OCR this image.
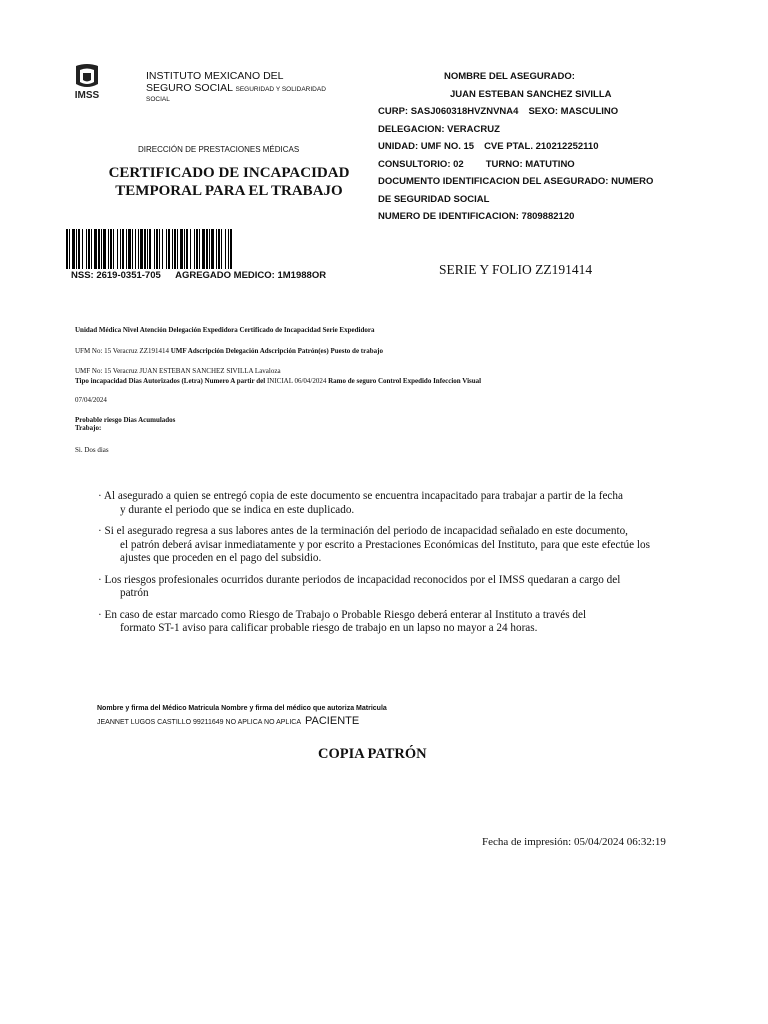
IMSS
INSTITUTO MEXICANO DEL
SEGURO SOCIAL SEGURIDAD Y SOLIDARIDAD
SOCIAL
DIRECCIÓN DE PRESTACIONES MÉDICAS
CERTIFICADO DE INCAPACIDAD
TEMPORAL PARA EL TRABAJO
NSS: 2619-0351-705 AGREGADO MEDICO: 1M1988OR
NOMBRE DEL ASEGURADO:
JUAN ESTEBAN SANCHEZ SIVILLA
CURP: SASJ060318HVZNVNA4 SEXO: MASCULINO
DELEGACION: VERACRUZ
UNIDAD: UMF NO. 15 CVE PTAL. 210212252110
CONSULTORIO: 02 TURNO: MATUTINO
DOCUMENTO IDENTIFICACION DEL ASEGURADO: NUMERO
DE SEGURIDAD SOCIAL
NUMERO DE IDENTIFICACION: 7809882120
SERIE Y FOLIO ZZ191414
Unidad Médica Nivel Atención Delegación Expedidora Certificado de Incapacidad Serie Expedidora
UFM No: 15 Veracruz ZZ191414 UMF Adscripción Delegación Adscripción Patrón(es) Puesto de trabajo
UMF No: 15 Veracruz JUAN ESTEBAN SANCHEZ SIVILLA Lavaloza
Tipo incapacidad Dias Autorizados (Letra) Numero A partir del INICIAL 06/04/2024 Ramo de seguro Control Expedido Infeccion Visual
07/04/2024
Probable riesgo Dias Acumulados
Trabajo:
Si. Dos dias
· Al asegurado a quien se entregó copia de este documento se encuentra incapacitado para trabajar a partir de la fecha
y durante el periodo que se indica en este duplicado.
· Si el asegurado regresa a sus labores antes de la terminación del periodo de incapacidad señalado en este documento,
el patrón deberá avisar inmediatamente y por escrito a Prestaciones Económicas del Instituto, para que este efectúe los ajustes que proceden en el pago del subsidio.
· Los riesgos profesionales ocurridos durante periodos de incapacidad reconocidos por el IMSS quedaran a cargo del
patrón
· En caso de estar marcado como Riesgo de Trabajo o Probable Riesgo deberá enterar al Instituto a través del
formato ST-1 aviso para calificar probable riesgo de trabajo en un lapso no mayor a 24 horas.
Nombre y firma del Médico Matricula Nombre y firma del médico que autoriza Matricula
JEANNET LUGOS CASTILLO 99211649 NO APLICA NO APLICA PACIENTE
COPIA PATRÓN
Fecha de impresión: 05/04/2024 06:32:19
